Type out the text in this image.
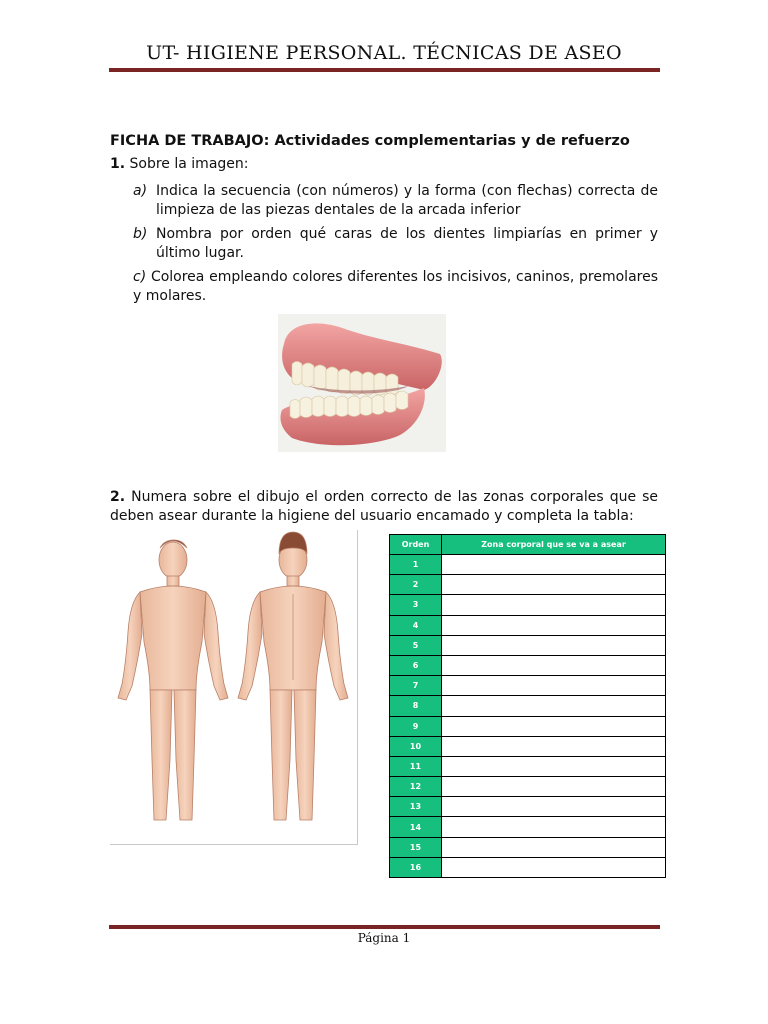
UT- HIGIENE PERSONAL. TÉCNICAS DE ASEO
FICHA DE TRABAJO: Actividades complementarias y de refuerzo
1. Sobre la imagen:
a) Indica la secuencia (con números) y la forma (con flechas) correcta de limpieza de las piezas dentales de la arcada inferior
b) Nombra por orden qué caras de los dientes limpiarías en primer y último lugar.
c) Colorea empleando colores diferentes los incisivos, caninos, premolares y molares.
2. Numera sobre el dibujo el orden correcto de las zonas corporales que se deben asear durante la higiene del usuario encamado y completa la tabla:
Orden	Zona corporal que se va a asear
1	
2	
3	
4	
5	
6	
7	
8	
9	
10	
11	
12	
13	
14	
15	
16	
Página 1
